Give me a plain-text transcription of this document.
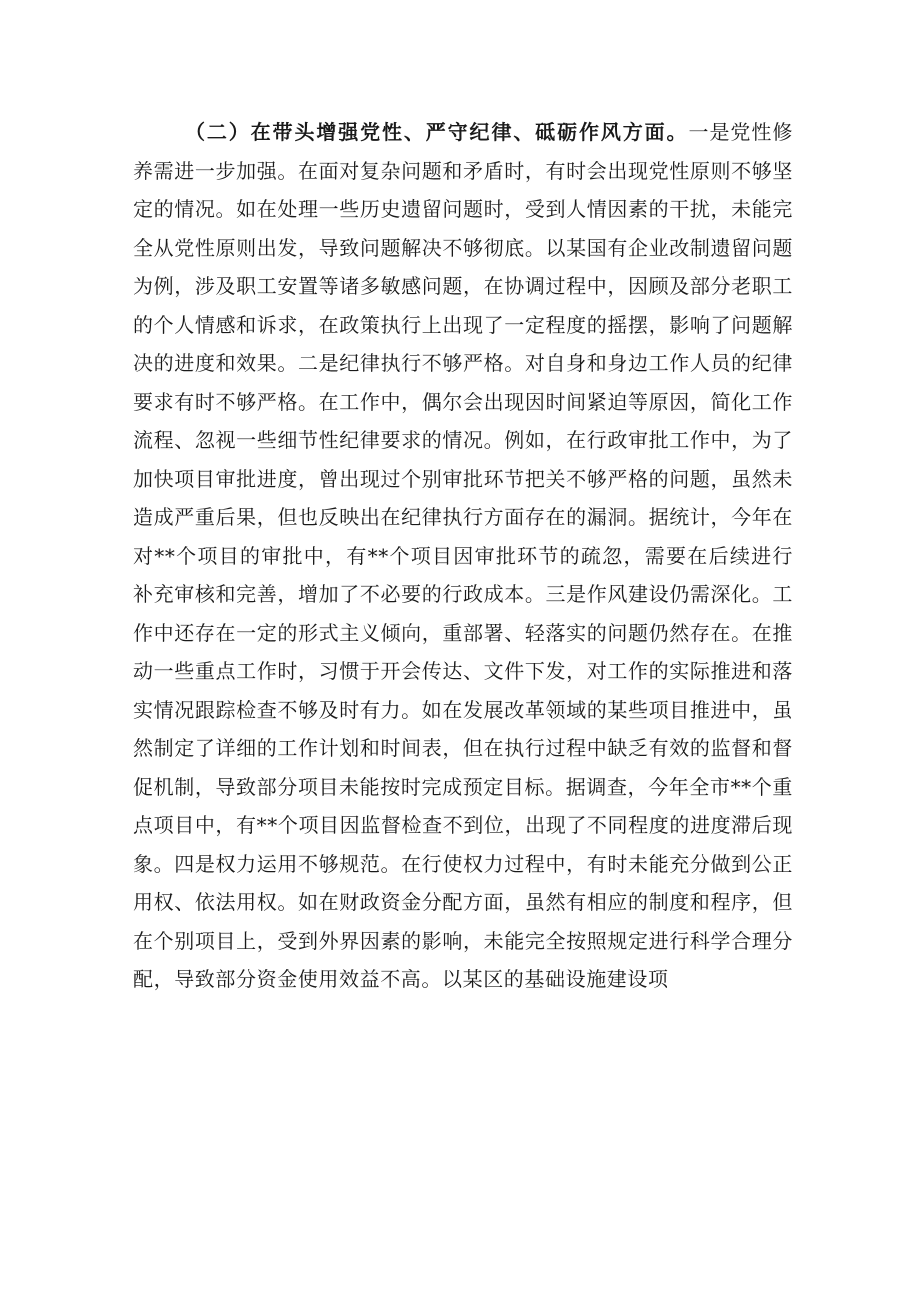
（二）在带头增强党性、严守纪律、砥砺作风方面。一是党性修养需进一步加强。在面对复杂问题和矛盾时，有时会出现党性原则不够坚定的情况。如在处理一些历史遗留问题时，受到人情因素的干扰，未能完全从党性原则出发，导致问题解决不够彻底。以某国有企业改制遗留问题为例，涉及职工安置等诸多敏感问题，在协调过程中，因顾及部分老职工的个人情感和诉求，在政策执行上出现了一定程度的摇摆，影响了问题解决的进度和效果。二是纪律执行不够严格。对自身和身边工作人员的纪律要求有时不够严格。在工作中，偶尔会出现因时间紧迫等原因，简化工作流程、忽视一些细节性纪律要求的情况。例如，在行政审批工作中，为了加快项目审批进度，曾出现过个别审批环节把关不够严格的问题，虽然未造成严重后果，但也反映出在纪律执行方面存在的漏洞。据统计，今年在对**个项目的审批中，有**个项目因审批环节的疏忽，需要在后续进行补充审核和完善，增加了不必要的行政成本。三是作风建设仍需深化。工作中还存在一定的形式主义倾向，重部署、轻落实的问题仍然存在。在推动一些重点工作时，习惯于开会传达、文件下发，对工作的实际推进和落实情况跟踪检查不够及时有力。如在发展改革领域的某些项目推进中，虽然制定了详细的工作计划和时间表，但在执行过程中缺乏有效的监督和督促机制，导致部分项目未能按时完成预定目标。据调查，今年全市**个重点项目中，有**个项目因监督检查不到位，出现了不同程度的进度滞后现象。四是权力运用不够规范。在行使权力过程中，有时未能充分做到公正用权、依法用权。如在财政资金分配方面，虽然有相应的制度和程序，但在个别项目上，受到外界因素的影响，未能完全按照规定进行科学合理分配，导致部分资金使用效益不高。以某区的基础设施建设项
